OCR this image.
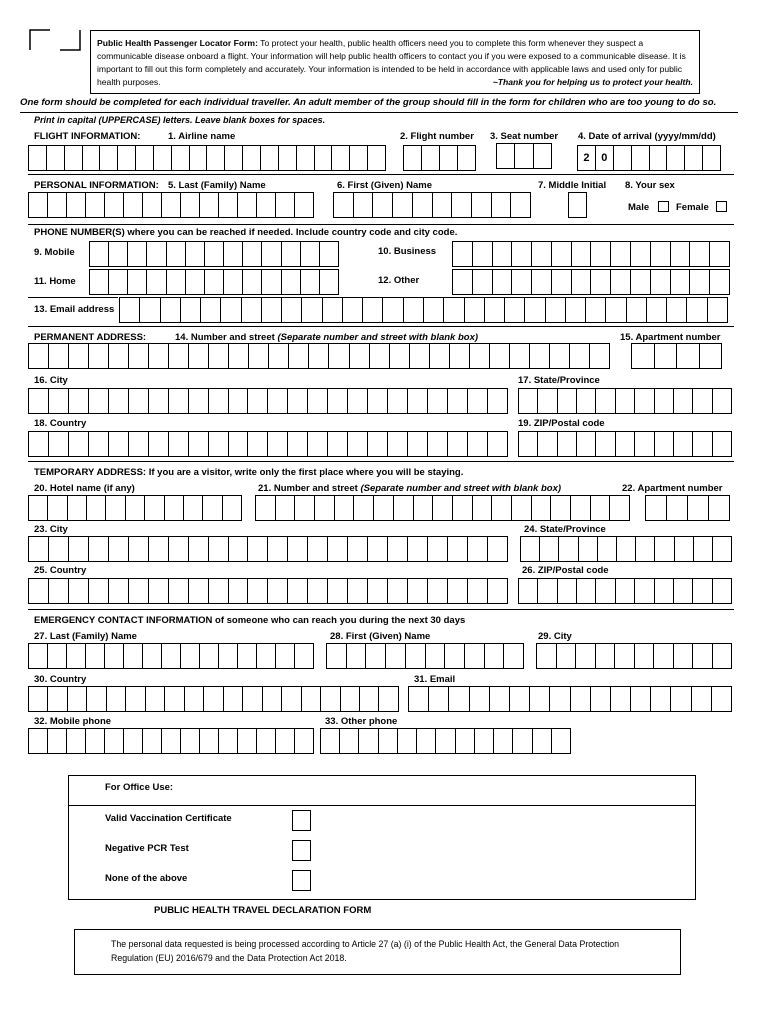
Public Health Passenger Locator Form: To protect your health, public health officers need you to complete this form whenever they suspect a communicable disease onboard a flight. Your information will help public health officers to contact you if you were exposed to a communicable disease. It is important to fill out this form completely and accurately. Your information is intended to be held in accordance with applicable laws and used only for public health purposes.	~Thank you for helping us to protect your health.
One form should be completed for each individual traveller. An adult member of the group should fill in the form for children who are too young to do so.
Print in capital (UPPERCASE) letters. Leave blank boxes for spaces.
FLIGHT INFORMATION:	1. Airline name	2. Flight number 3. Seat number 4. Date of arrival (yyyy/mm/dd)
2	0
PERSONAL INFORMATION: 5. Last (Family) Name	6. First (Given) Name	7. Middle Initial 8. Your sex
Male	Female
PHONE NUMBER(S) where you can be reached if needed. Include country code and city code.
9. Mobile	10. Business
11. Home	12. Other
13. Email address
PERMANENT ADDRESS:	14. Number and street (Separate number and street with blank box)	15. Apartment number
16. City	17. State/Province
18. Country	19. ZIP/Postal code
TEMPORARY ADDRESS: If you are a visitor, write only the first place where you will be staying.
20. Hotel name (if any)	21. Number and street (Separate number and street with blank box)	22. Apartment number
23. City	24. State/Province
25. Country	26. ZIP/Postal code
EMERGENCY CONTACT INFORMATION of someone who can reach you during the next 30 days
27. Last (Family) Name	28. First (Given) Name	29. City
30. Country	31. Email
32. Mobile phone	33. Other phone
For Office Use:
Valid Vaccination Certificate
Negative PCR Test
None of the above
PUBLIC HEALTH TRAVEL DECLARATION FORM
The personal data requested is being processed according to Article 27 (a) (i) of the Public Health Act, the General Data Protection Regulation (EU) 2016/679 and the Data Protection Act 2018.
